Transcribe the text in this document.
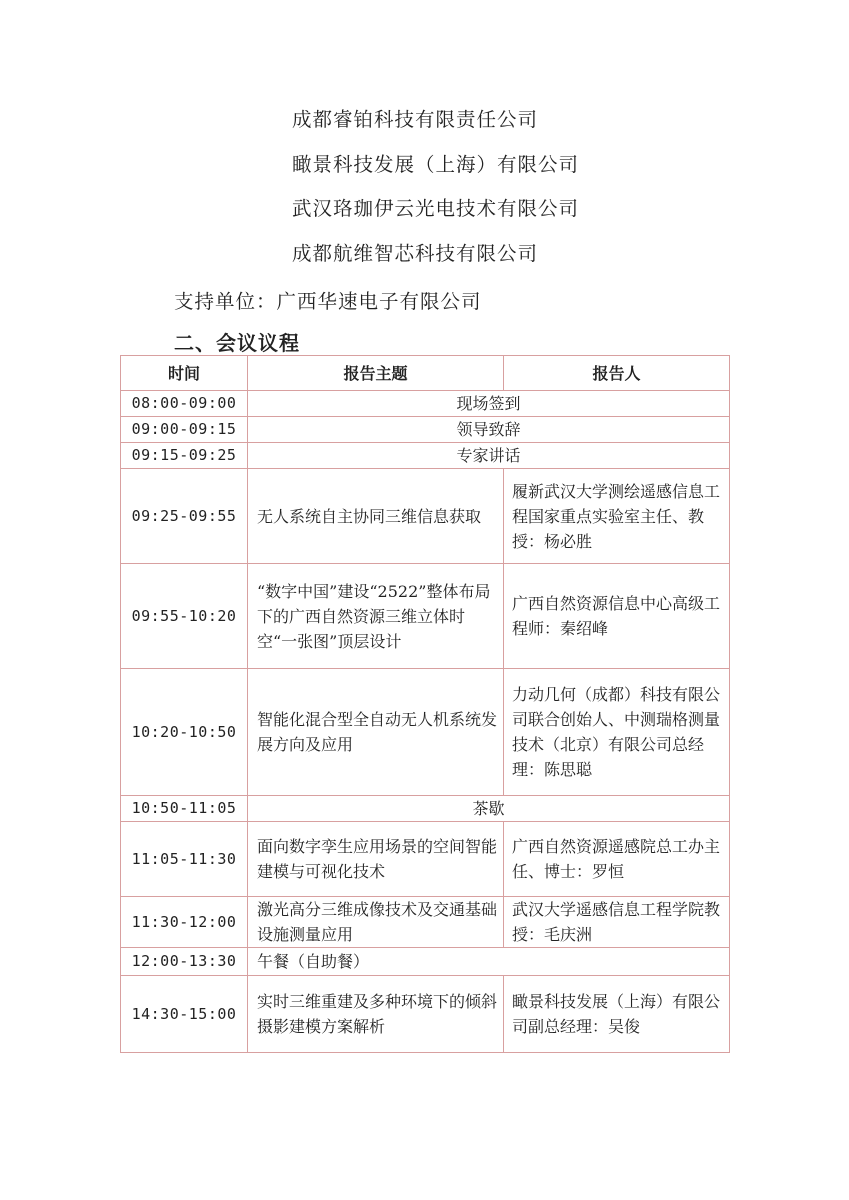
成都睿铂科技有限责任公司
瞰景科技发展（上海）有限公司
武汉珞珈伊云光电技术有限公司
成都航维智芯科技有限公司
支持单位：广西华速电子有限公司
二、会议议程
时间	报告主题	报告人
08:00-09:00	现场签到	
09:00-09:15	领导致辞	
09:15-09:25	专家讲话	
09:25-09:55	无人系统自主协同三维信息获取	履新武汉大学测绘遥感信息工程国家重点实验室主任、教授：杨必胜
09:55-10:20	“数字中国”建设“2522”整体布局下的广西自然资源三维立体时空“一张图”顶层设计	广西自然资源信息中心高级工程师：秦绍峰
10:20-10:50	智能化混合型全自动无人机系统发展方向及应用	力动几何（成都）科技有限公司联合创始人、中测瑞格测量技术（北京）有限公司总经理：陈思聪
10:50-11:05	茶歇	
11:05-11:30	面向数字孪生应用场景的空间智能建模与可视化技术	广西自然资源遥感院总工办主任、博士：罗恒
11:30-12:00	激光高分三维成像技术及交通基础设施测量应用	武汉大学遥感信息工程学院教授：毛庆洲
12:00-13:30	午餐（自助餐）	
14:30-15:00	实时三维重建及多种环境下的倾斜摄影建模方案解析	瞰景科技发展（上海）有限公司副总经理：吴俊
